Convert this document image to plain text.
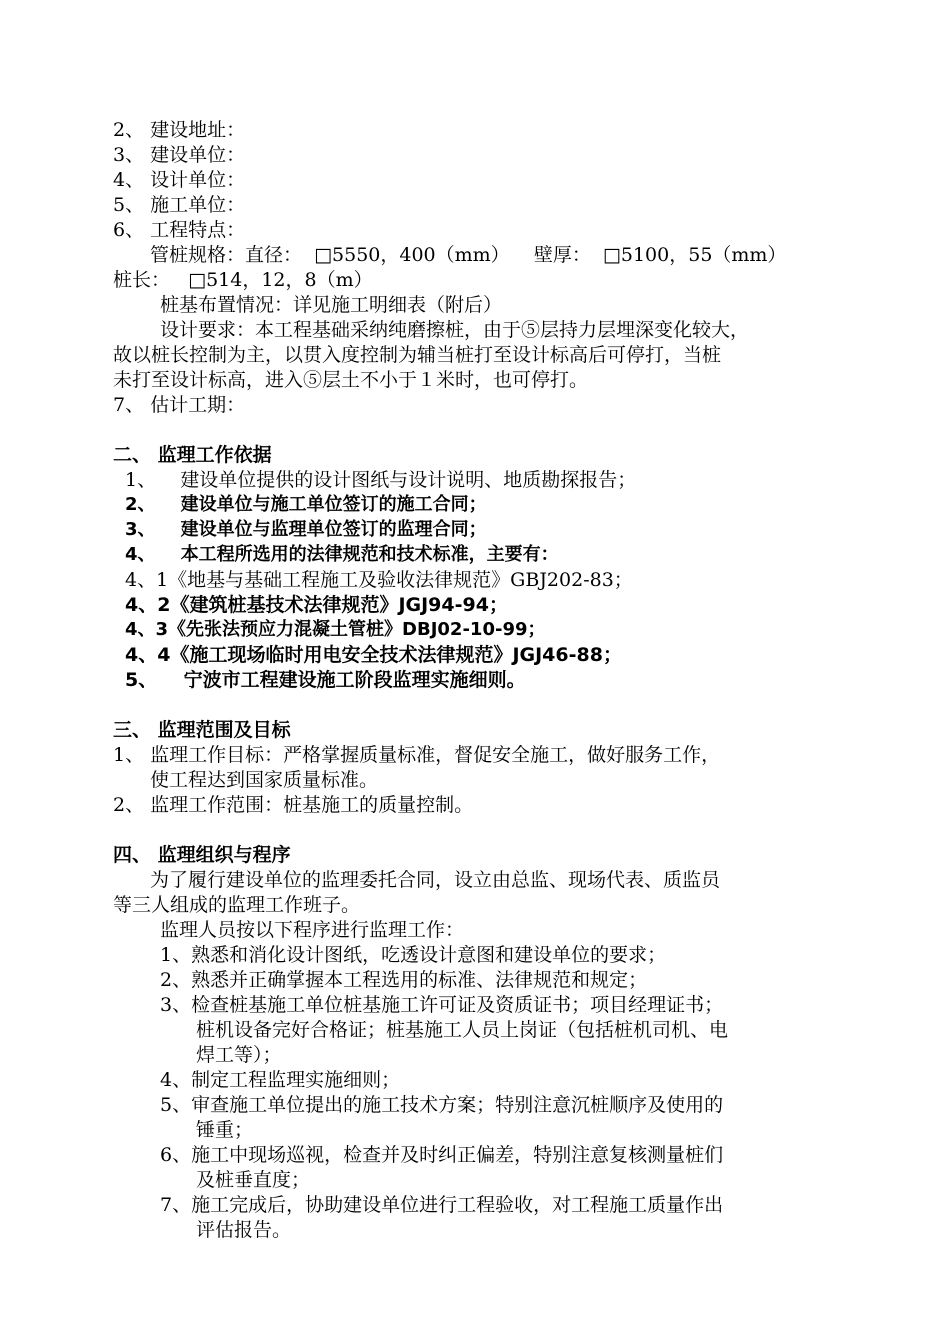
2、 建设地址：
3、 建设单位：
4、 设计单位：
5、 施工单位：
6、 工程特点：
管桩规格：直径：  □5550，400（mm）    壁厚：  □5100，55（mm）
桩长：   □514，12，8（m）
桩基布置情况：详见施工明细表（附后）
设计要求：本工程基础采纳纯磨擦桩，由于⑤层持力层埋深变化较大，
故以桩长控制为主，以贯入度控制为辅当桩打至设计标高后可停打，当桩
未打至设计标高，进入⑤层土不小于１米时，也可停打。
7、 估计工期：
二、 监理工作依据
1、    建设单位提供的设计图纸与设计说明、地质勘探报告；
2、    建设单位与施工单位签订的施工合同；
3、    建设单位与监理单位签订的监理合同；
4、    本工程所选用的法律规范和技术标准，主要有：
4、1《地基与基础工程施工及验收法律规范》GBJ202-83；
4、2《建筑桩基技术法律规范》JGJ94-94；
4、3《先张法预应力混凝土管桩》DBJ02-10-99；
4、4《施工现场临时用电安全技术法律规范》JGJ46-88；
5、    宁波市工程建设施工阶段监理实施细则。
三、 监理范围及目标
1、 监理工作目标：严格掌握质量标准，督促安全施工，做好服务工作，
使工程达到国家质量标准。
2、 监理工作范围：桩基施工的质量控制。
四、 监理组织与程序
为了履行建设单位的监理委托合同，设立由总监、现场代表、质监员
等三人组成的监理工作班子。
监理人员按以下程序进行监理工作：
1、熟悉和消化设计图纸，吃透设计意图和建设单位的要求；
2、熟悉并正确掌握本工程选用的标准、法律规范和规定；
3、检查桩基施工单位桩基施工许可证及资质证书；项目经理证书；
桩机设备完好合格证；桩基施工人员上岗证（包括桩机司机、电
焊工等）；
4、制定工程监理实施细则；
5、审查施工单位提出的施工技术方案；特别注意沉桩顺序及使用的
锤重；
6、施工中现场巡视，检查并及时纠正偏差，特别注意复核测量桩们
及桩垂直度；
7、施工完成后，协助建设单位进行工程验收，对工程施工质量作出
评估报告。
